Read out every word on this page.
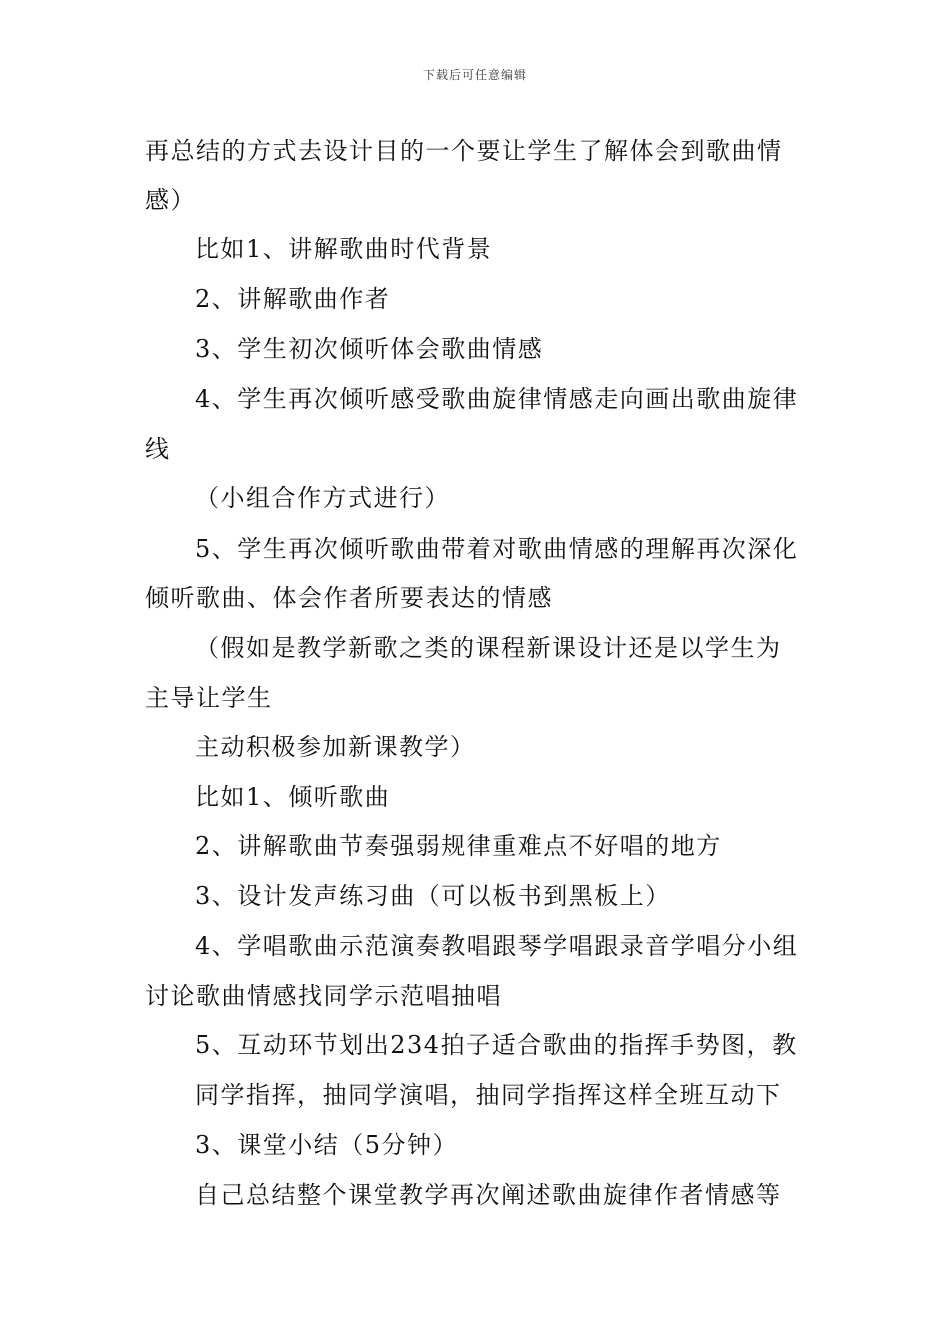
下载后可任意编辑
再总结的方式去设计目的一个要让学生了解体会到歌曲情
感）
比如1、讲解歌曲时代背景
2、讲解歌曲作者
3、学生初次倾听体会歌曲情感
4、学生再次倾听感受歌曲旋律情感走向画出歌曲旋律
线
（小组合作方式进行）
5、学生再次倾听歌曲带着对歌曲情感的理解再次深化
倾听歌曲、体会作者所要表达的情感
（假如是教学新歌之类的课程新课设计还是以学生为
主导让学生
主动积极参加新课教学）
比如1、倾听歌曲
2、讲解歌曲节奏强弱规律重难点不好唱的地方
3、设计发声练习曲（可以板书到黑板上）
4、学唱歌曲示范演奏教唱跟琴学唱跟录音学唱分小组
讨论歌曲情感找同学示范唱抽唱
5、互动环节划出234拍子适合歌曲的指挥手势图，教
同学指挥，抽同学演唱，抽同学指挥这样全班互动下
3、课堂小结（5分钟）
自己总结整个课堂教学再次阐述歌曲旋律作者情感等
